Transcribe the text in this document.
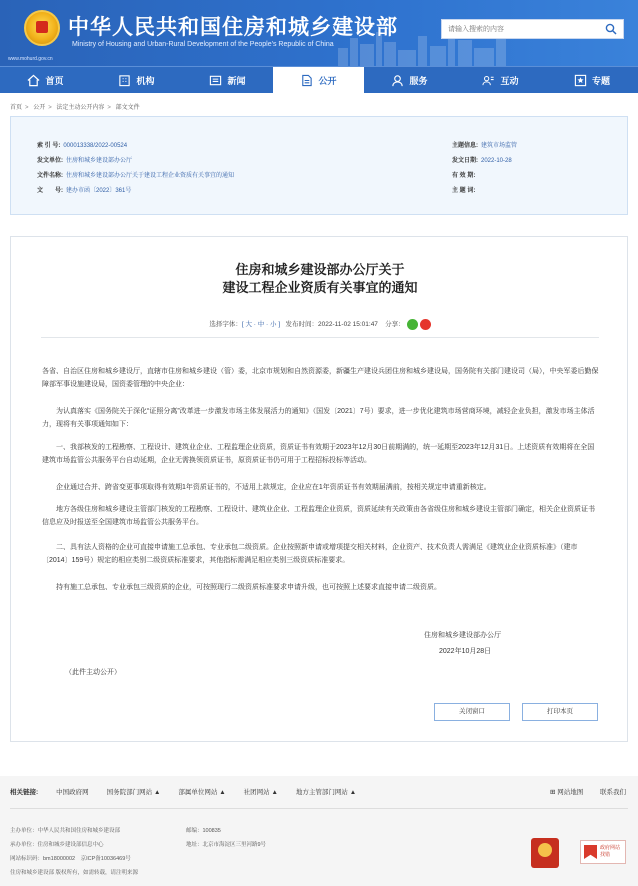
中华人民共和国住房和城乡建设部
Ministry of Housing and Urban-Rural Development of the People's Republic of China
www.mohurd.gov.cn
请输入搜索的内容
首页	机构	新闻	公开	服务	互动	专题
首页 > 公开 > 法定主动公开内容 > 部文文件
索 引 号: 000013338/2022-00524
发文单位: 住房和城乡建设部办公厅
文件名称: 住房和城乡建设部办公厅关于建设工程企业资质有关事宜的通知
文　　号: 建办市函〔2022〕361号
主题信息: 建筑市场监管
发文日期: 2022-10-28
有 效 期:
主 题 词:
住房和城乡建设部办公厅关于
建设工程企业资质有关事宜的通知
选择字体：[ 大 · 中 · 小 ] 发布时间：2022-11-02 15:01:47 分享：
各省、自治区住房和城乡建设厅，直辖市住房和城乡建设（管）委，北京市规划和自然资源委，新疆生产建设兵团住房和城乡建设局，国务院有关部门建设司（局），中央军委后勤保障部军事设施建设局，国资委管理的中央企业：
为认真落实《国务院关于深化“证照分离”改革进一步激发市场主体发展活力的通知》（国发〔2021〕7号）要求，进一步优化建筑市场营商环境，减轻企业负担，激发市场主体活力，现将有关事项通知如下：
一、我部核发的工程勘察、工程设计、建筑业企业、工程监理企业资质，资质证书有效期于2023年12月30日前期满的，统一延期至2023年12月31日。上述资质有效期将在全国建筑市场监管公共服务平台自动延期，企业无需换领资质证书，原资质证书仍可用于工程招标投标等活动。
企业通过合并、跨省变更事项取得有效期1年资质证书的，不适用上款规定，企业应在1年资质证书有效期届满前，按相关规定申请重新核定。
地方各级住房和城乡建设主管部门核发的工程勘察、工程设计、建筑业企业、工程监理企业资质，资质延续有关政策由各省级住房和城乡建设主管部门确定，相关企业资质证书信息应及时报送至全国建筑市场监管公共服务平台。
二、具有法人资格的企业可直接申请施工总承包、专业承包二级资质。企业按照新申请或增项提交相关材料，企业资产、技术负责人需满足《建筑业企业资质标准》（建市〔2014〕159号）规定的相应类别二级资质标准要求，其他指标需满足相应类别三级资质标准要求。
持有施工总承包、专业承包三级资质的企业，可按照现行二级资质标准要求申请升级，也可按照上述要求直接申请二级资质。
住房和城乡建设部办公厅
2022年10月28日
（此件主动公开）
关闭窗口	打印本页
相关链接:	中国政府网	国务院部门网站 ▲	部属单位网站 ▲	社团网站 ▲	地方主管部门网站 ▲	⊞ 网站地图	联系我们
主办单位：中华人民共和国住房和城乡建设部
承办单位：住房和城乡建设部信息中心
网站标识码：bm18000002　京ICP备10036469号
住房和城乡建设部 版权所有，如需转载，请注明来源
邮编：100835
地址：北京市海淀区三里河路9号	政府网站
找错
